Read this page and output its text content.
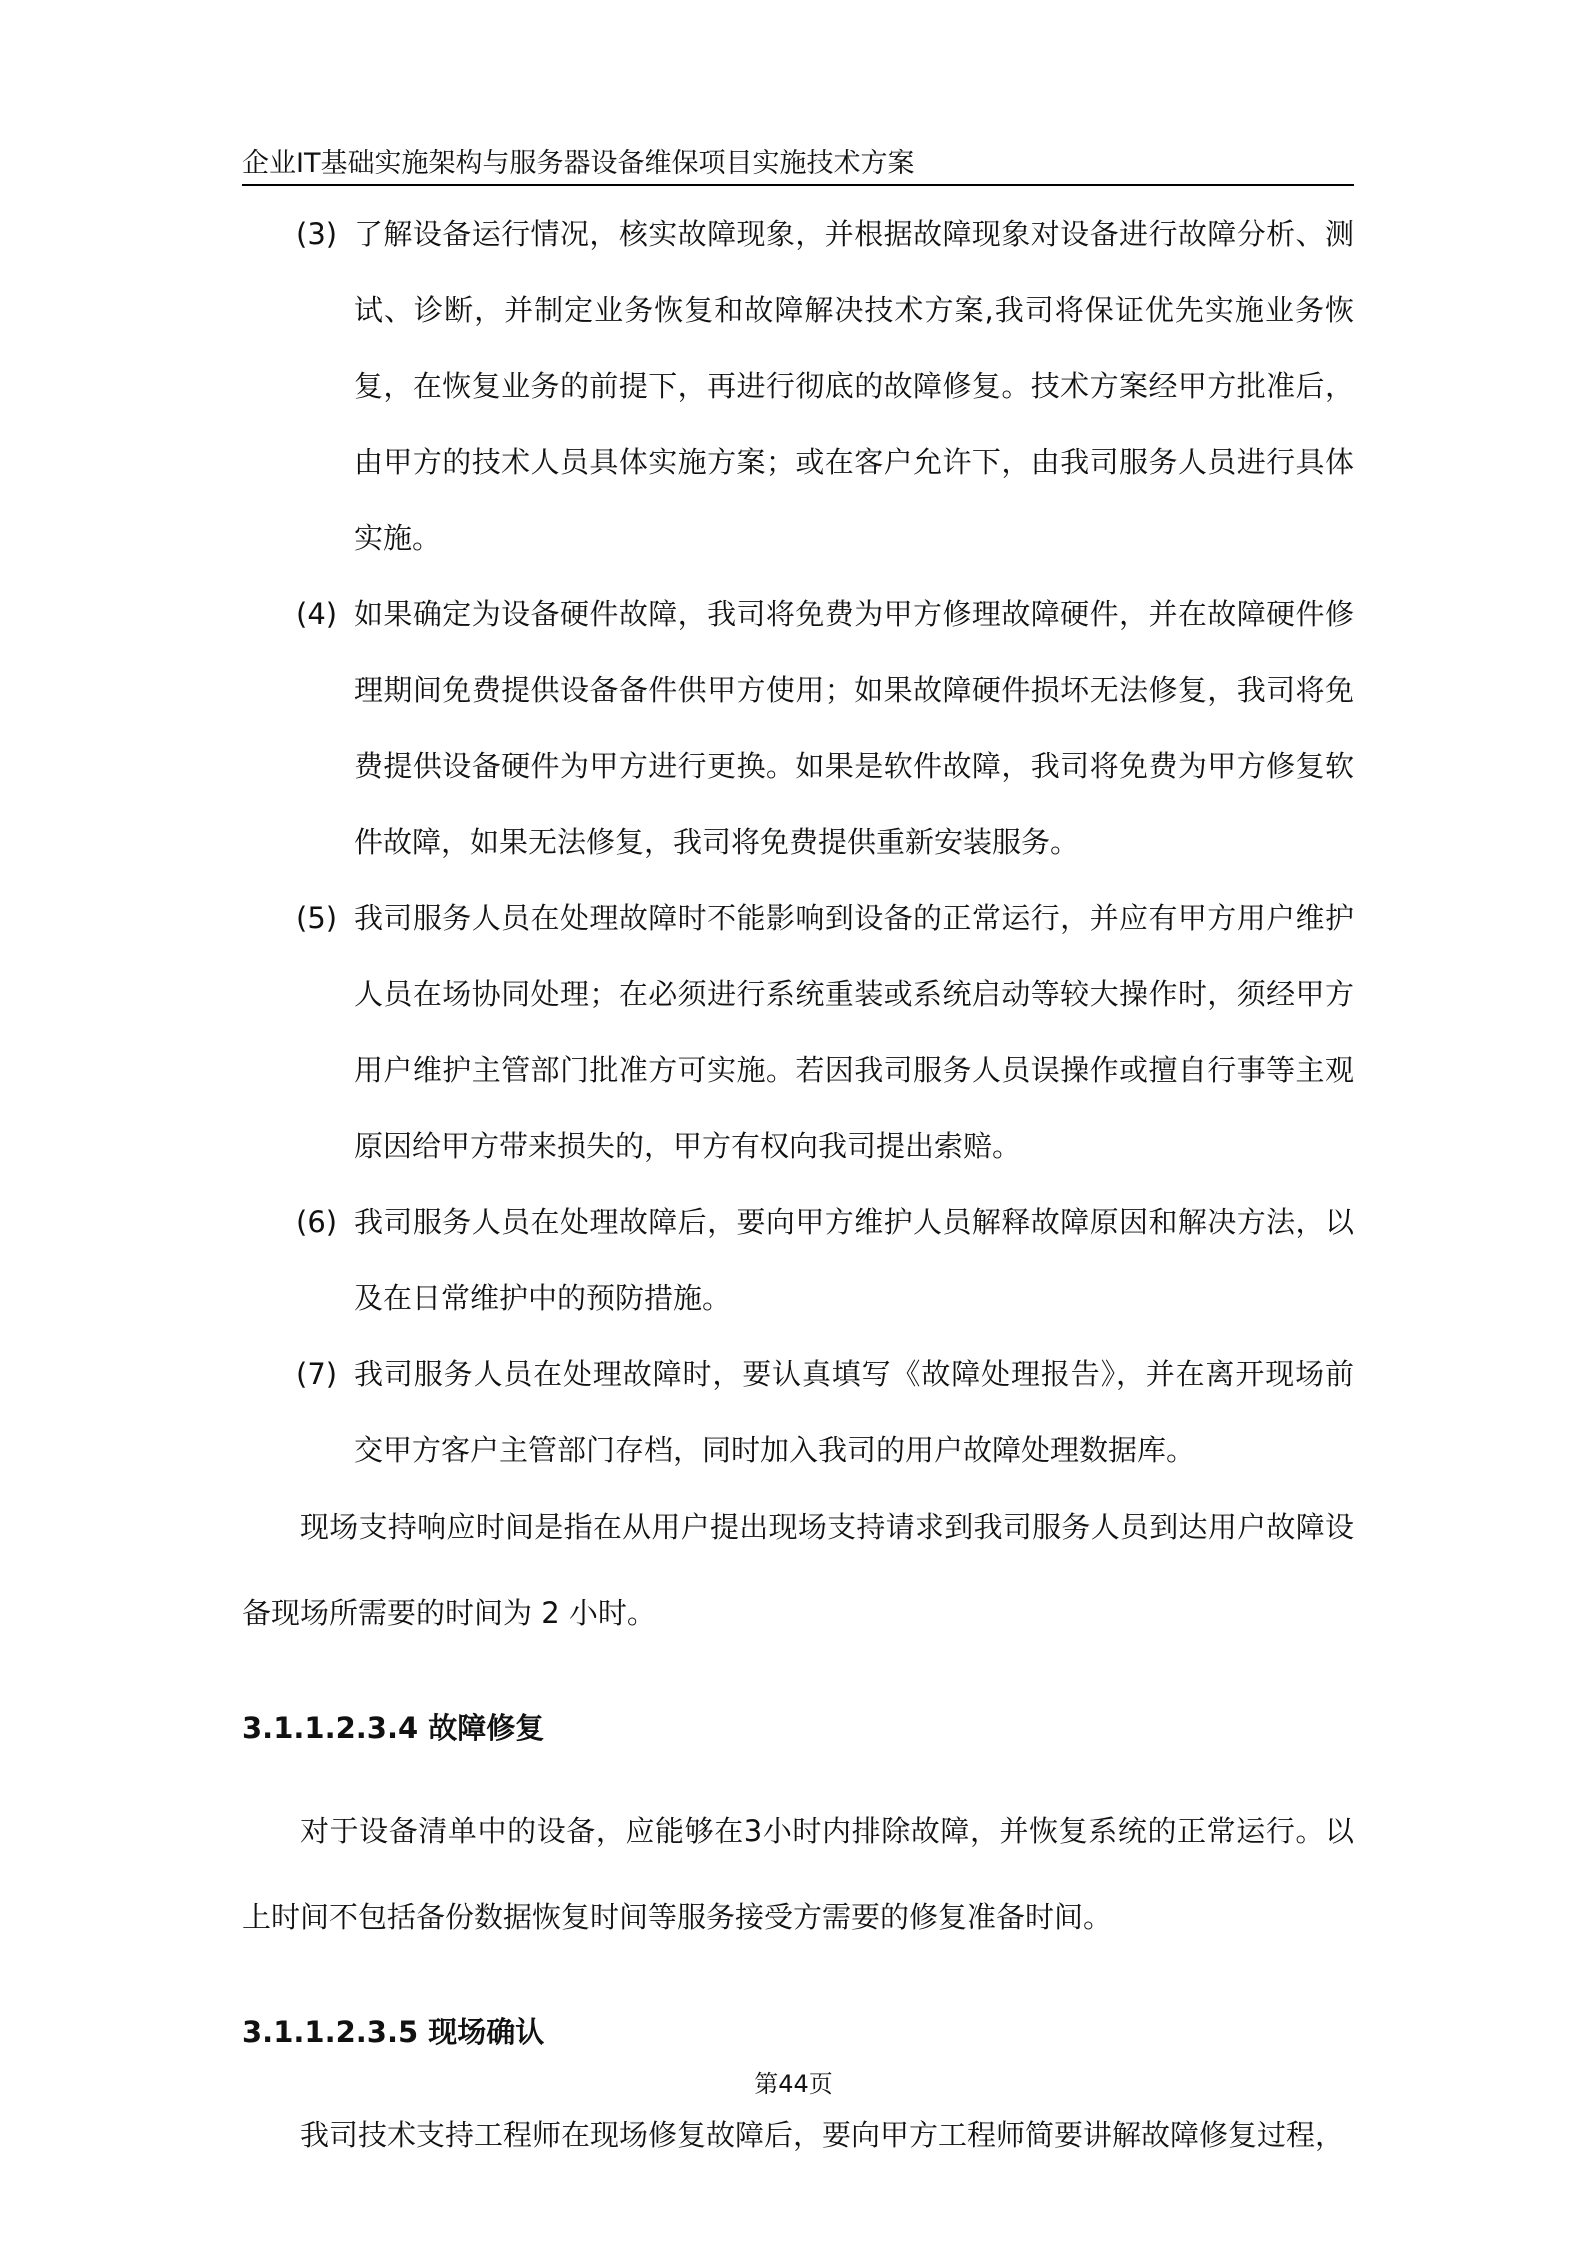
企业IT基础实施架构与服务器设备维保项目实施技术方案
(3) 了解设备运行情况，核实故障现象，并根据故障现象对设备进行故障分析、测试、诊断，并制定业务恢复和故障解决技术方案,我司将保证优先实施业务恢复，在恢复业务的前提下，再进行彻底的故障修复。技术方案经甲方批准后，由甲方的技术人员具体实施方案；或在客户允许下，由我司服务人员进行具体实施。
(4) 如果确定为设备硬件故障，我司将免费为甲方修理故障硬件，并在故障硬件修理期间免费提供设备备件供甲方使用；如果故障硬件损坏无法修复，我司将免费提供设备硬件为甲方进行更换。如果是软件故障，我司将免费为甲方修复软件故障，如果无法修复，我司将免费提供重新安装服务。
(5) 我司服务人员在处理故障时不能影响到设备的正常运行，并应有甲方用户维护人员在场协同处理；在必须进行系统重装或系统启动等较大操作时，须经甲方用户维护主管部门批准方可实施。若因我司服务人员误操作或擅自行事等主观原因给甲方带来损失的，甲方有权向我司提出索赔。
(6) 我司服务人员在处理故障后，要向甲方维护人员解释故障原因和解决方法，以及在日常维护中的预防措施。
(7) 我司服务人员在处理故障时，要认真填写《故障处理报告》，并在离开现场前交甲方客户主管部门存档，同时加入我司的用户故障处理数据库。
现场支持响应时间是指在从用户提出现场支持请求到我司服务人员到达用户故障设备现场所需要的时间为 2 小时。
3.1.1.2.3.4 故障修复
对于设备清单中的设备，应能够在3小时内排除故障，并恢复系统的正常运行。以上时间不包括备份数据恢复时间等服务接受方需要的修复准备时间。
3.1.1.2.3.5 现场确认
我司技术支持工程师在现场修复故障后，要向甲方工程师简要讲解故障修复过程，
第44页
